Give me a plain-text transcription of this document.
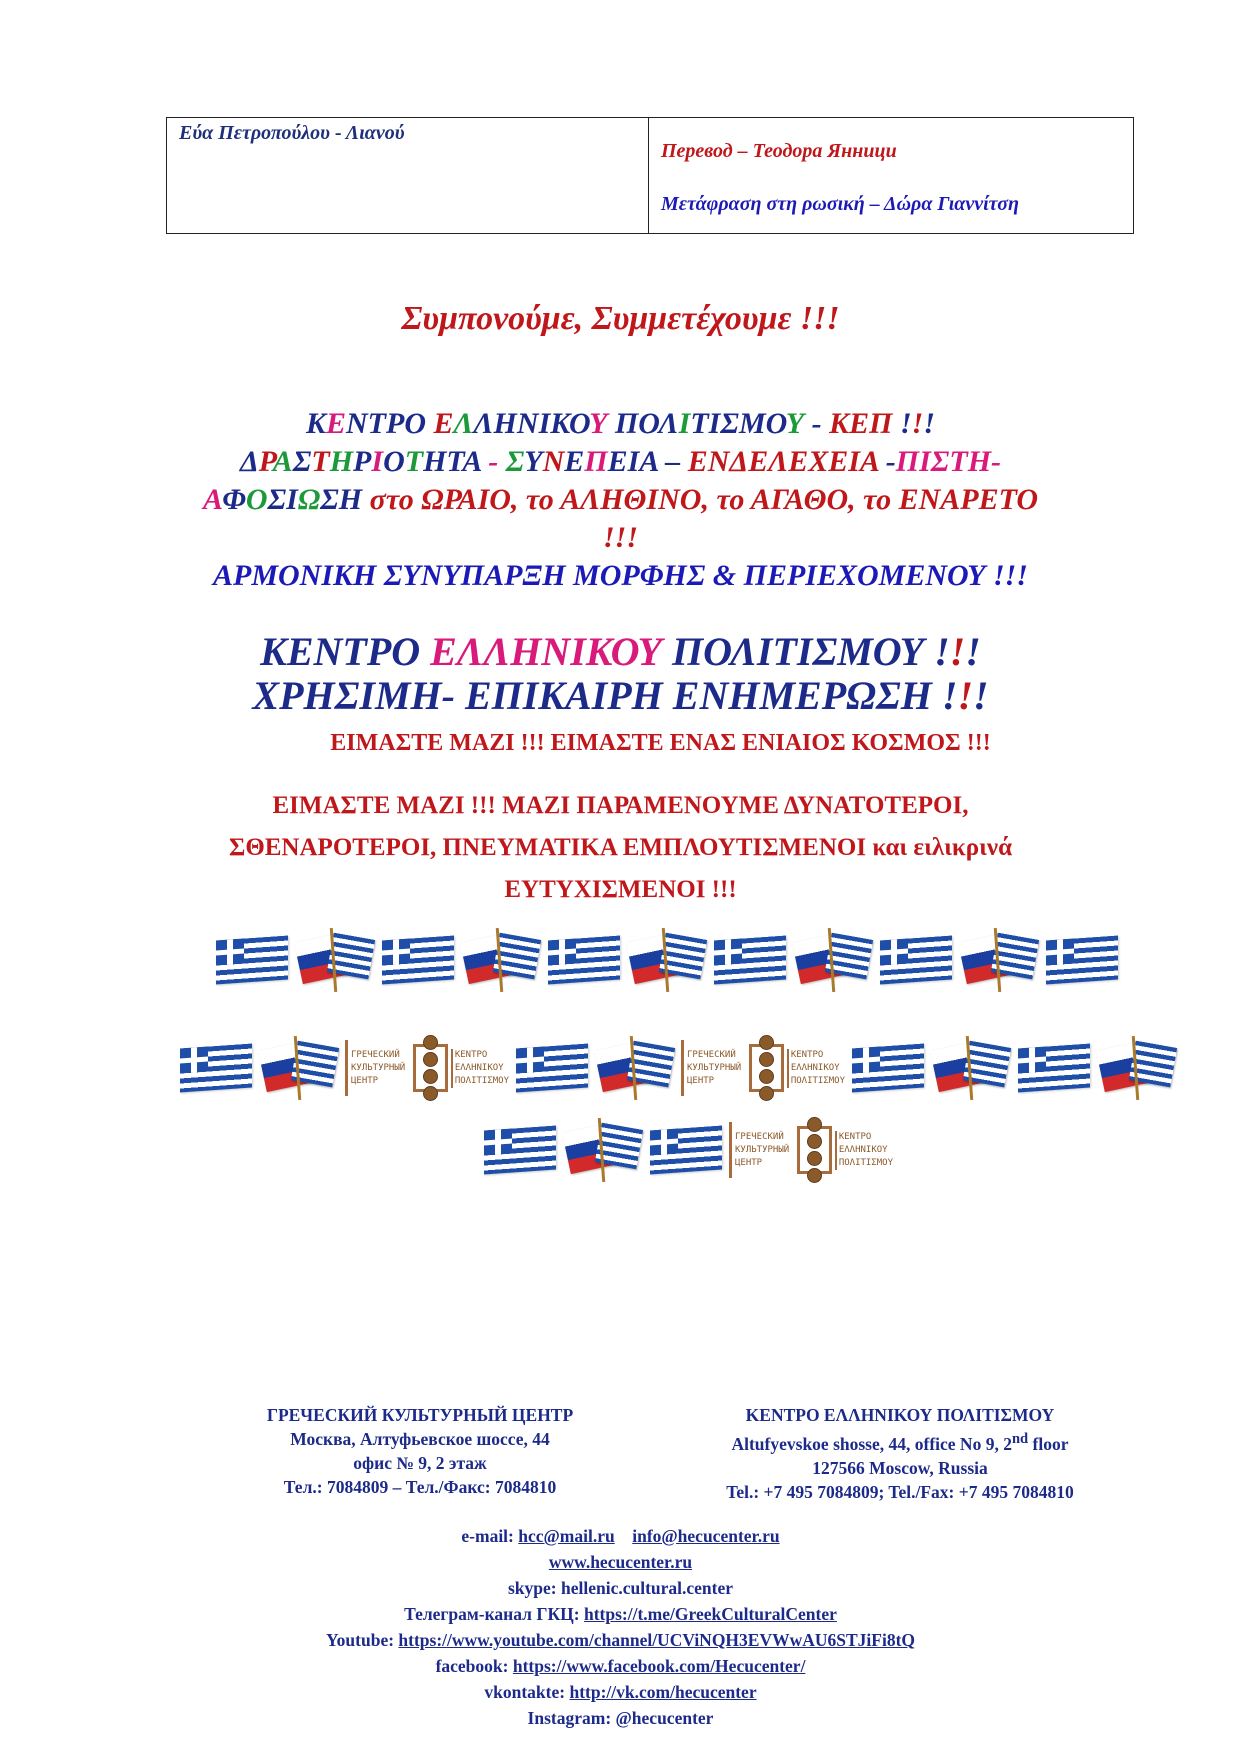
Εύα Πετροπούλου - Λιανού
Перевод – Теодора Янници
Μετάφραση στη ρωσική – Δώρα Γιαννίτση
Συμπονούμε, Συμμετέχουμε !!!
ΚΕΝΤΡΟ ΕΛΛΗΝΙΚΟΥ ΠΟΛΙΤΙΣΜΟΥ - ΚΕΠ !!!
ΔΡΑΣΤΗΡΙΟΤΗΤΑ - ΣΥΝΕΠΕΙΑ – ΕΝΔΕΛΕΧΕΙΑ -ΠΙΣΤΗ-
ΑΦΟΣΙΩΣΗ στο ΩΡΑΙΟ, το ΑΛΗΘΙΝΟ, το ΑΓΑΘΟ, το ΕΝΑΡΕΤΟ
!!!
ΑΡΜΟΝΙΚΗ ΣΥΝΥΠΑΡΞΗ ΜΟΡΦΗΣ & ΠΕΡΙΕΧΟΜΕΝΟΥ !!!
ΚΕΝΤΡΟ ΕΛΛΗΝΙΚΟΥ ΠΟΛΙΤΙΣΜΟΥ !!!
ΧΡΗΣΙΜΗ- ΕΠΙΚΑΙΡΗ ΕΝΗΜΕΡΩΣΗ !!!
ΕΙΜΑΣΤΕ ΜΑΖΙ !!! ΕΙΜΑΣΤΕ ΕΝΑΣ ΕΝΙΑΙΟΣ ΚΟΣΜΟΣ !!!
ΕΙΜΑΣΤΕ ΜΑΖΙ !!! ΜΑΖΙ ΠΑΡΑΜΕΝΟΥΜΕ ΔΥΝΑΤΟΤΕΡΟΙ,
ΣΘΕΝΑΡΟΤΕΡΟΙ, ΠΝΕΥΜΑΤΙΚΑ ΕΜΠΛΟΥΤΙΣΜΕΝΟΙ και ειλικρινά
ΕΥΤΥΧΙΣΜΕΝΟΙ !!!
ГРЕЧЕСКИЙ
КУЛЬТУРНЫЙ
ЦЕНТР
ΚΕΝΤΡΟ
ΕΛΛΗΝΙΚΟΥ
ΠΟΛΙΤΙΣΜΟΥ
ГРЕЧЕСКИЙ
КУЛЬТУРНЫЙ
ЦЕНТР
ΚΕΝΤΡΟ
ΕΛΛΗΝΙΚΟΥ
ΠΟΛΙΤΙΣΜΟΥ
ГРЕЧЕСКИЙ
КУЛЬТУРНЫЙ
ЦЕНТР
ΚΕΝΤΡΟ
ΕΛΛΗΝΙΚΟΥ
ΠΟΛΙΤΙΣΜΟΥ
ГРЕЧЕСКИЙ КУЛЬТУРНЫЙ ЦЕНТР
Москва, Алтуфьевское шоссе, 44
офис № 9, 2 этаж
Тел.: 7084809 – Тел./Факс: 7084810
ΚΕΝΤΡΟ ΕΛΛΗΝΙΚΟΥ ΠΟΛΙΤΙΣΜΟΥ
Altufyevskoe shosse, 44, office No 9, 2nd floor
127566 Moscow, Russia
Tel.: +7 495 7084809; Tel./Fax: +7 495 7084810
e-mail: hcc@mail.ru info@hecucenter.ru
www.hecucenter.ru
skype: hellenic.cultural.center
Телеграм-канал ГКЦ: https://t.me/GreekCulturalCenter
Youtube: https://www.youtube.com/channel/UCViNQH3EVWwAU6STJiFi8tQ
facebook: https://www.facebook.com/Hecucenter/
vkontakte: http://vk.com/hecucenter
Instagram: @hecucenter
